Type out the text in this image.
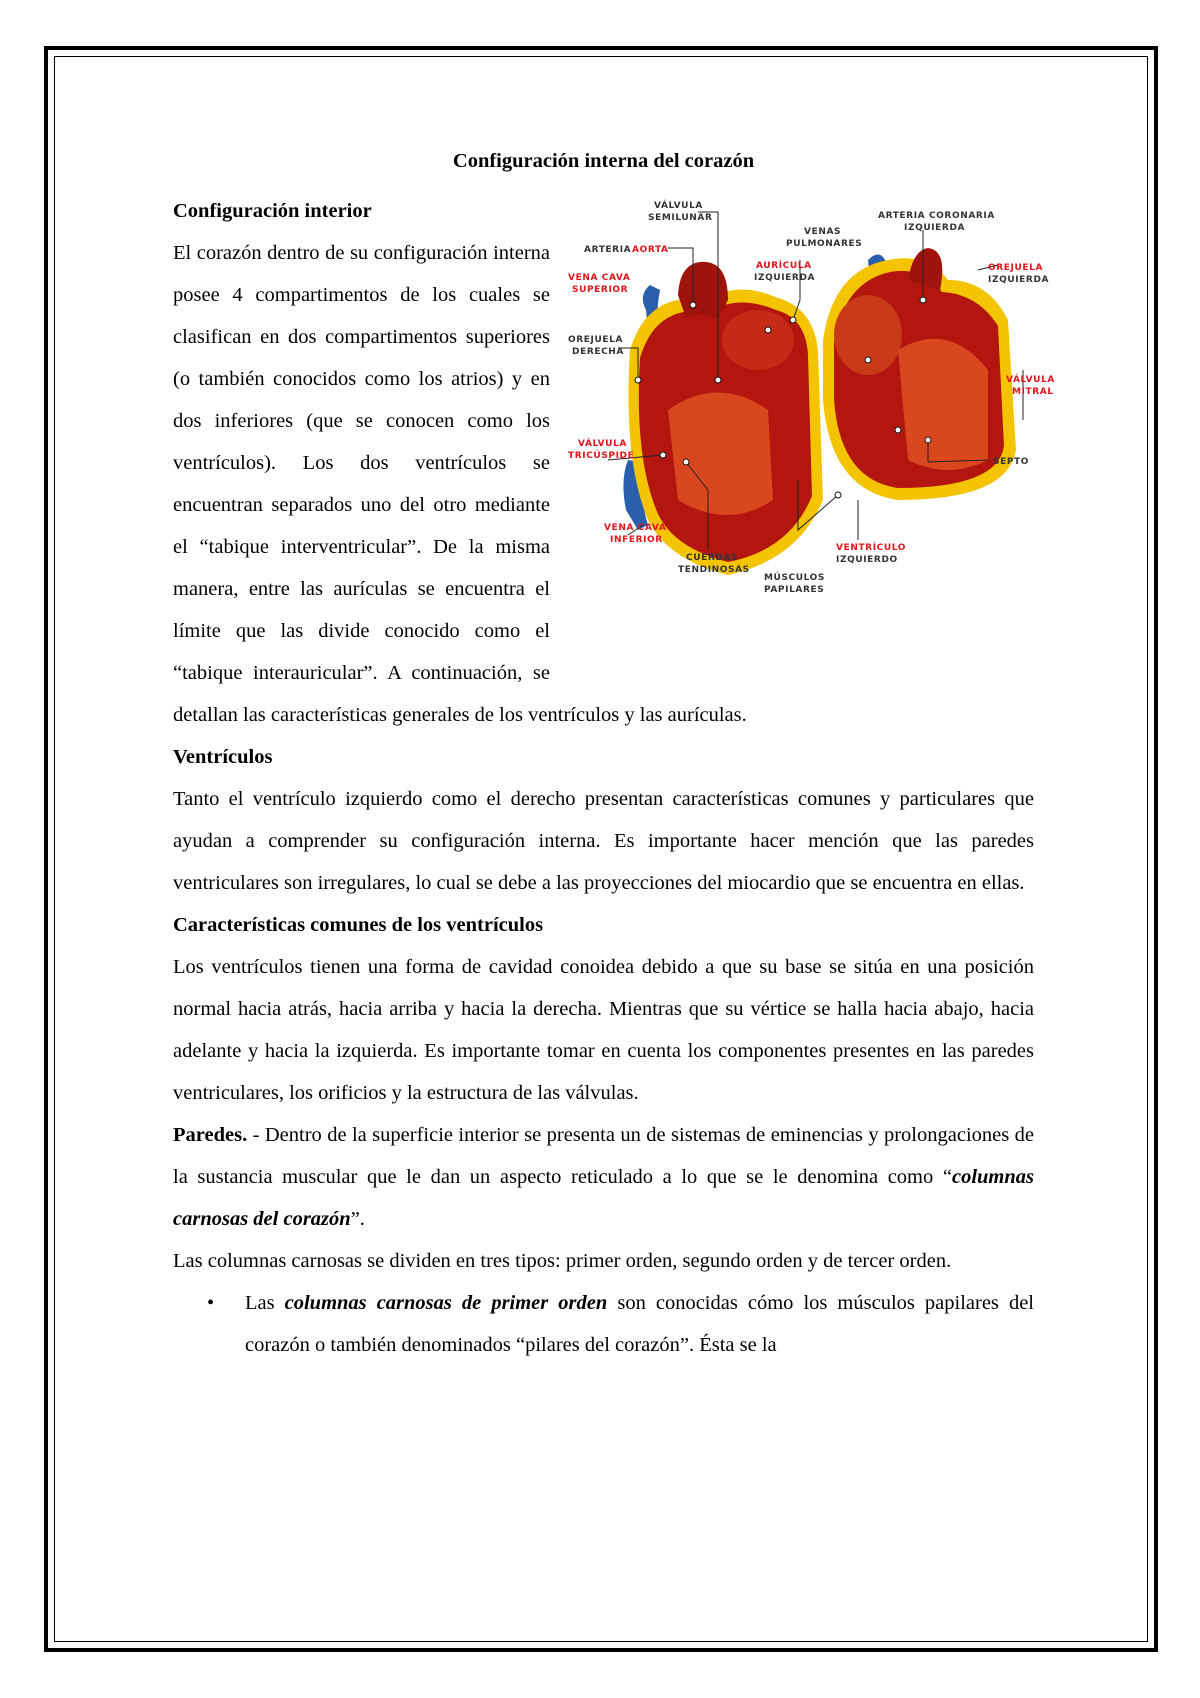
Configuración interna del corazón
VÁLVULA
SEMILUNAR
ARTERIA AORTA
VENAS
PULMONARES
ARTERIA CORONARIA
IZQUIERDA
VENA CAVA
SUPERIOR
AURÍCULA
IZQUIERDA
OREJUELA
IZQUIERDA
OREJUELA
DERECHA
VÁLVULA
MITRAL
VÁLVULA
TRICÚSPIDE
SEPTO
VENA CAVA
INFERIOR
CUERDAS
TENDINOSAS
VENTRÍCULO
IZQUIERDO
MÚSCULOS
PAPILARES

Configuración interior

El corazón dentro de su configuración interna posee 4 compartimentos de los cuales se clasifican en dos compartimentos superiores (o también conocidos como los atrios) y en dos inferiores (que se conocen como los ventrículos). Los dos ventrículos se encuentran separados uno del otro mediante el “tabique interventricular”. De la misma manera, entre las aurículas se encuentra el límite que las divide conocido como el “tabique interauricular”. A continuación, se detallan las características generales de los ventrículos y las aurículas.

Ventrículos

Tanto el ventrículo izquierdo como el derecho presentan características comunes y particulares que ayudan a comprender su configuración interna. Es importante hacer mención que las paredes ventriculares son irregulares, lo cual se debe a las proyecciones del miocardio que se encuentra en ellas.

Características comunes de los ventrículos

Los ventrículos tienen una forma de cavidad conoidea debido a que su base se sitúa en una posición normal hacia atrás, hacia arriba y hacia la derecha. Mientras que su vértice se halla hacia abajo, hacia adelante y hacia la izquierda. Es importante tomar en cuenta los componentes presentes en las paredes ventriculares, los orificios y la estructura de las válvulas.

Paredes. - Dentro de la superficie interior se presenta un de sistemas de eminencias y prolongaciones de la sustancia muscular que le dan un aspecto reticulado a lo que se le denomina como “columnas carnosas del corazón”.

Las columnas carnosas se dividen en tres tipos: primer orden, segundo orden y de tercer orden.

• Las columnas carnosas de primer orden son conocidas cómo los músculos papilares del corazón o también denominados “pilares del corazón”. Ésta se la
